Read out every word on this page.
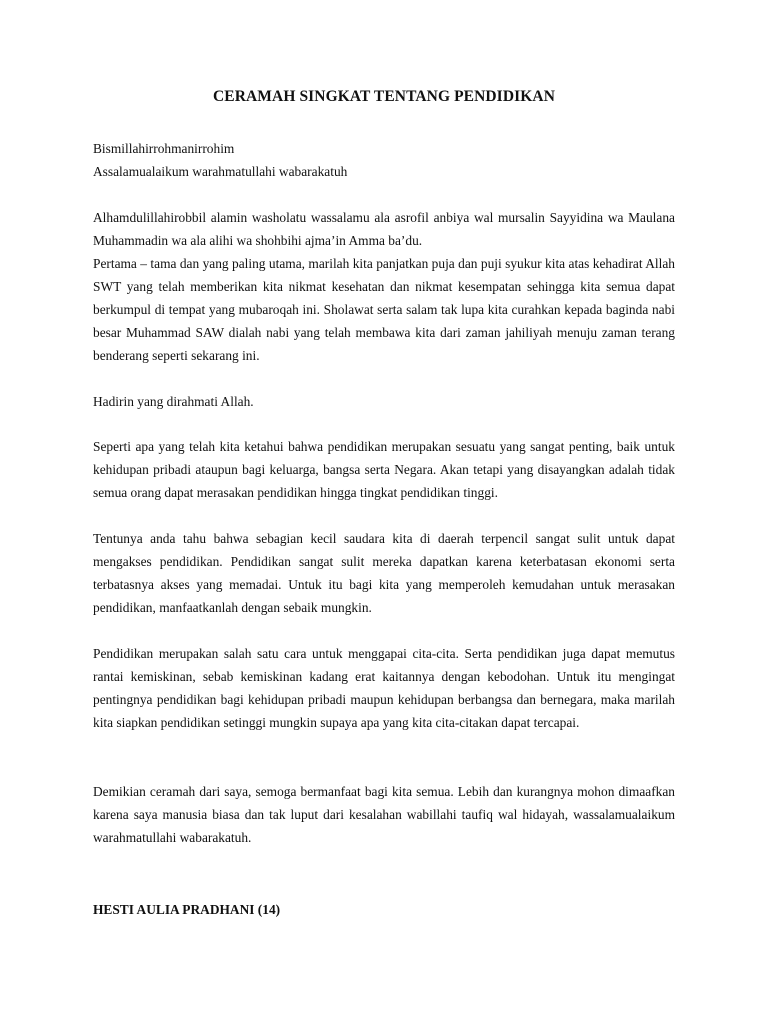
CERAMAH SINGKAT TENTANG PENDIDIKAN
Bismillahirrohmanirrohim
Assalamualaikum warahmatullahi wabarakatuh

Alhamdulillahirobbil alamin washolatu wassalamu ala asrofil anbiya wal mursalin Sayyidina wa Maulana Muhammadin wa ala alihi wa shohbihi ajma’in Amma ba’du.

Pertama – tama dan yang paling utama, marilah kita panjatkan puja dan puji syukur kita atas kehadirat Allah SWT yang telah memberikan kita nikmat kesehatan dan nikmat kesempatan sehingga kita semua dapat berkumpul di tempat yang mubaroqah ini. Sholawat serta salam tak lupa kita curahkan kepada baginda nabi besar Muhammad SAW dialah nabi yang telah membawa kita dari zaman jahiliyah menuju zaman terang benderang seperti sekarang ini.

Hadirin yang dirahmati Allah.

Seperti apa yang telah kita ketahui bahwa pendidikan merupakan sesuatu yang sangat penting, baik untuk kehidupan pribadi ataupun bagi keluarga, bangsa serta Negara. Akan tetapi yang disayangkan adalah tidak semua orang dapat merasakan pendidikan hingga tingkat pendidikan tinggi.

Tentunya anda tahu bahwa sebagian kecil saudara kita di daerah terpencil sangat sulit untuk dapat mengakses pendidikan. Pendidikan sangat sulit mereka dapatkan karena keterbatasan ekonomi serta terbatasnya akses yang memadai. Untuk itu bagi kita yang memperoleh kemudahan untuk merasakan pendidikan, manfaatkanlah dengan sebaik mungkin.

Pendidikan merupakan salah satu cara untuk menggapai cita-cita. Serta pendidikan juga dapat memutus rantai kemiskinan, sebab kemiskinan kadang erat kaitannya dengan kebodohan. Untuk itu mengingat pentingnya pendidikan bagi kehidupan pribadi maupun kehidupan berbangsa dan bernegara, maka marilah kita siapkan pendidikan setinggi mungkin supaya apa yang kita cita-citakan dapat tercapai.

Demikian ceramah dari saya, semoga bermanfaat bagi kita semua. Lebih dan kurangnya mohon dimaafkan karena saya manusia biasa dan tak luput dari kesalahan wabillahi taufiq wal hidayah, wassalamualaikum warahmatullahi wabarakatuh.

HESTI AULIA PRADHANI (14)
